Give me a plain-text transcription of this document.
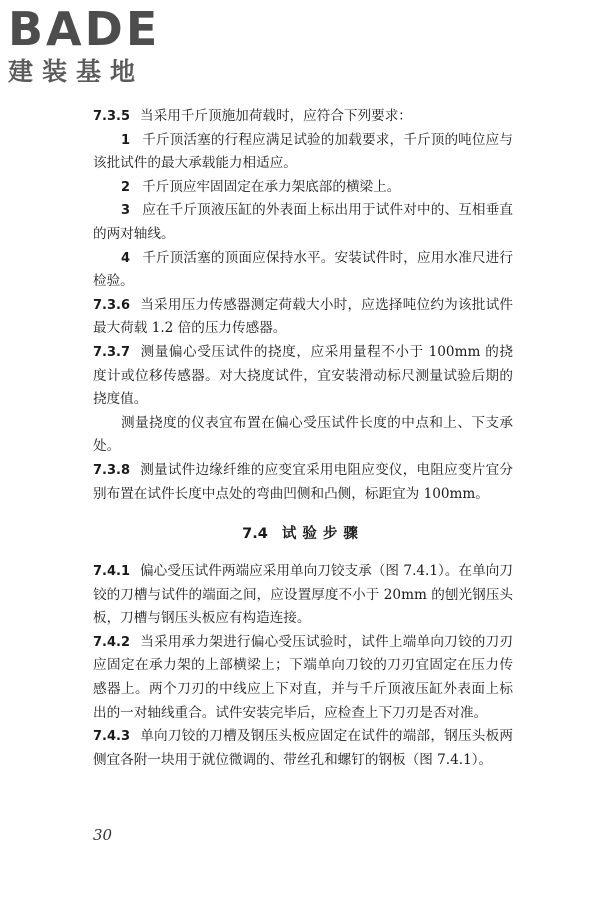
BADE
建装基地

7.3.5 当采用千斤顶施加荷载时，应符合下列要求：

1 千斤顶活塞的行程应满足试验的加载要求，千斤顶的吨位应与该批试件的最大承载能力相适应。

2 千斤顶应牢固固定在承力架底部的横梁上。

3 应在千斤顶液压缸的外表面上标出用于试件对中的、互相垂直的两对轴线。

4 千斤顶活塞的顶面应保持水平。安装试件时，应用水准尺进行检验。

7.3.6 当采用压力传感器测定荷载大小时，应选择吨位约为该批试件最大荷载 1.2 倍的压力传感器。

7.3.7 测量偏心受压试件的挠度，应采用量程不小于 100mm 的挠度计或位移传感器。对大挠度试件，宜安装滑动标尺测量试验后期的挠度值。

测量挠度的仪表宜布置在偏心受压试件长度的中点和上、下支承处。

7.3.8 测量试件边缘纤维的应变宜采用电阻应变仪，电阻应变片宜分别布置在试件长度中点处的弯曲凹侧和凸侧，标距宜为 100mm。

7.4 试验步骤

7.4.1 偏心受压试件两端应采用单向刀铰支承（图 7.4.1）。在单向刀铰的刀槽与试件的端面之间，应设置厚度不小于 20mm 的刨光钢压头板，刀槽与钢压头板应有构造连接。

7.4.2 当采用承力架进行偏心受压试验时，试件上端单向刀铰的刀刃应固定在承力架的上部横梁上；下端单向刀铰的刀刃宜固定在压力传感器上。两个刀刃的中线应上下对直，并与千斤顶液压缸外表面上标出的一对轴线重合。试件安装完毕后，应检查上下刀刃是否对准。

7.4.3 单向刀铰的刀槽及钢压头板应固定在试件的端部，钢压头板两侧宜各附一块用于就位微调的、带丝孔和螺钉的钢板（图 7.4.1）。

30
